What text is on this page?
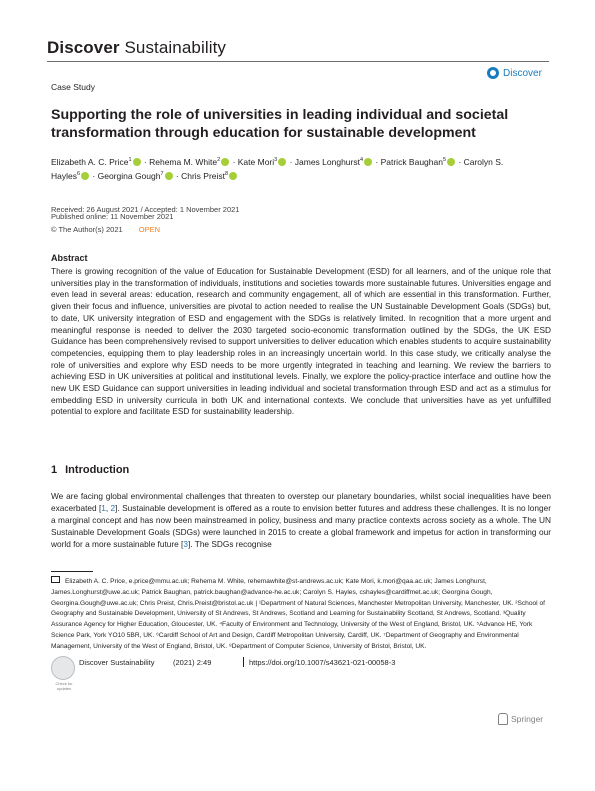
Discover Sustainability
Case Study
Discover
Supporting the role of universities in leading individual and societal transformation through education for sustainable development
Elizabeth A. C. Price$^1$ · Rehema M. White$^2$ · Kate Mori$^3$ · James Longhurst$^4$ · Patrick Baughan$^5$ · Carolyn S. Hayles$^6$ · Georgina Gough$^7$ · Chris Preist$^8$
Received: 26 August 2021 / Accepted: 1 November 2021
Published online: 11 November 2021
© The Author(s) 2021 OPEN
Abstract
There is growing recognition of the value of Education for Sustainable Development (ESD) for all learners, and of the unique role that universities play in the transformation of individuals, institutions and societies towards more sustainable futures. Universities engage and even lead in several areas: education, research and community engagement, all of which are essential in this transformation. Further, given their focus and influence, universities are pivotal to action needed to realise the UN Sustainable Development Goals (SDGs) but, to date, UK university integration of ESD and engagement with the SDGs is relatively limited. In recognition that a more urgent and meaningful response is needed to deliver the 2030 targeted socio-economic transformation outlined by the SDGs, the UK ESD Guidance has been comprehensively revised to support universities to deliver education which enables students to acquire sustainability competencies, equipping them to play leadership roles in an increasingly uncertain world. In this case study, we critically analyse the role of universities and explore why ESD needs to be more urgently integrated in teaching and learning. We review the barriers to achieving ESD in UK universities at political and institutional levels. Finally, we explore the policy-practice interface and outline how the new UK ESD Guidance can support universities in leading individual and societal transformation through ESD and act as a stimulus for embedding ESD in university curricula in both UK and international contexts. We conclude that universities have as yet unfulfilled potential to explore and facilitate ESD for sustainability leadership.
1 Introduction
We are facing global environmental challenges that threaten to overstep our planetary boundaries, whilst social inequalities have been exacerbated [1, 2]. Sustainable development is offered as a route to envision better futures and address these challenges. It is no longer a marginal concept and has now been mainstreamed in policy, business and many practice contexts across society as a whole. The UN Sustainable Development Goals (SDGs) were launched in 2015 to create a global framework and impetus for action in transforming our world for a more sustainable future [3]. The SDGs recognise
Elizabeth A. C. Price, e.price@mmu.ac.uk; Rehema M. White, rehemawhite@st-andrews.ac.uk; Kate Mori, k.mori@qaa.ac.uk; James Longhurst, James.Longhurst@uwe.ac.uk; Patrick Baughan, patrick.baughan@advance-he.ac.uk; Carolyn S. Hayles, cshayles@cardiffmet.ac.uk; Georgina Gough, Georgina.Gough@uwe.ac.uk; Chris Preist, Chris.Preist@bristol.ac.uk | ¹Department of Natural Sciences, Manchester Metropolitan University, Manchester, UK. ²School of Geography and Sustainable Development, University of St Andrews, St Andrews, Scotland and Learning for Sustainability Scotland, St Andrews, Scotland. ³Quality Assurance Agency for Higher Education, Gloucester, UK. ⁴Faculty of Environment and Technology, University of the West of England, Bristol, UK. ⁵Advance HE, York Science Park, York YO10 5BR, UK. ⁶Cardiff School of Art and Design, Cardiff Metropolitan University, Cardiff, UK. ⁷Department of Geography and Environmental Management, University of the West of England, Bristol, UK. ⁸Department of Computer Science, University of Bristol, Bristol, UK.
Check for updates
Discover Sustainability (2021) 2:49	https://doi.org/10.1007/s43621-021-00058-3
Springer
